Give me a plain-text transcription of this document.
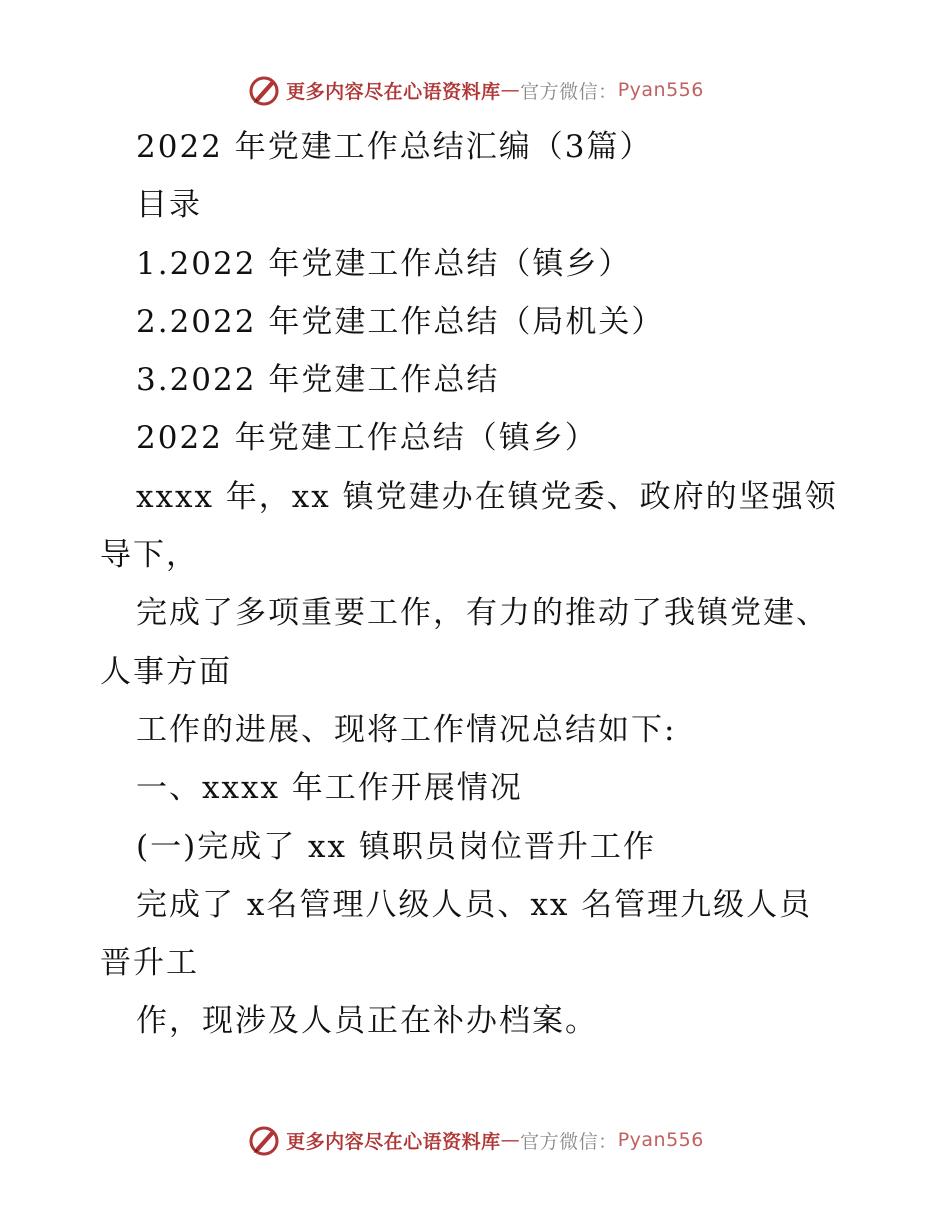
更多内容尽在心语资料库 — 官方微信： Pyan556
2022 年党建工作总结汇编（3篇）
目录
1.2022 年党建工作总结（镇乡）
2.2022 年党建工作总结（局机关）
3.2022 年党建工作总结
2022 年党建工作总结（镇乡）
xxxx 年，xx 镇党建办在镇党委、政府的坚强领
导下，
完成了多项重要工作，有力的推动了我镇党建、
人事方面
工作的进展、现将工作情况总结如下:
一、xxxx 年工作开展情况
(一)完成了 xx 镇职员岗位晋升工作
完成了 x名管理八级人员、xx 名管理九级人员
晋升工
作，现涉及人员正在补办档案。
更多内容尽在心语资料库 — 官方微信： Pyan556
